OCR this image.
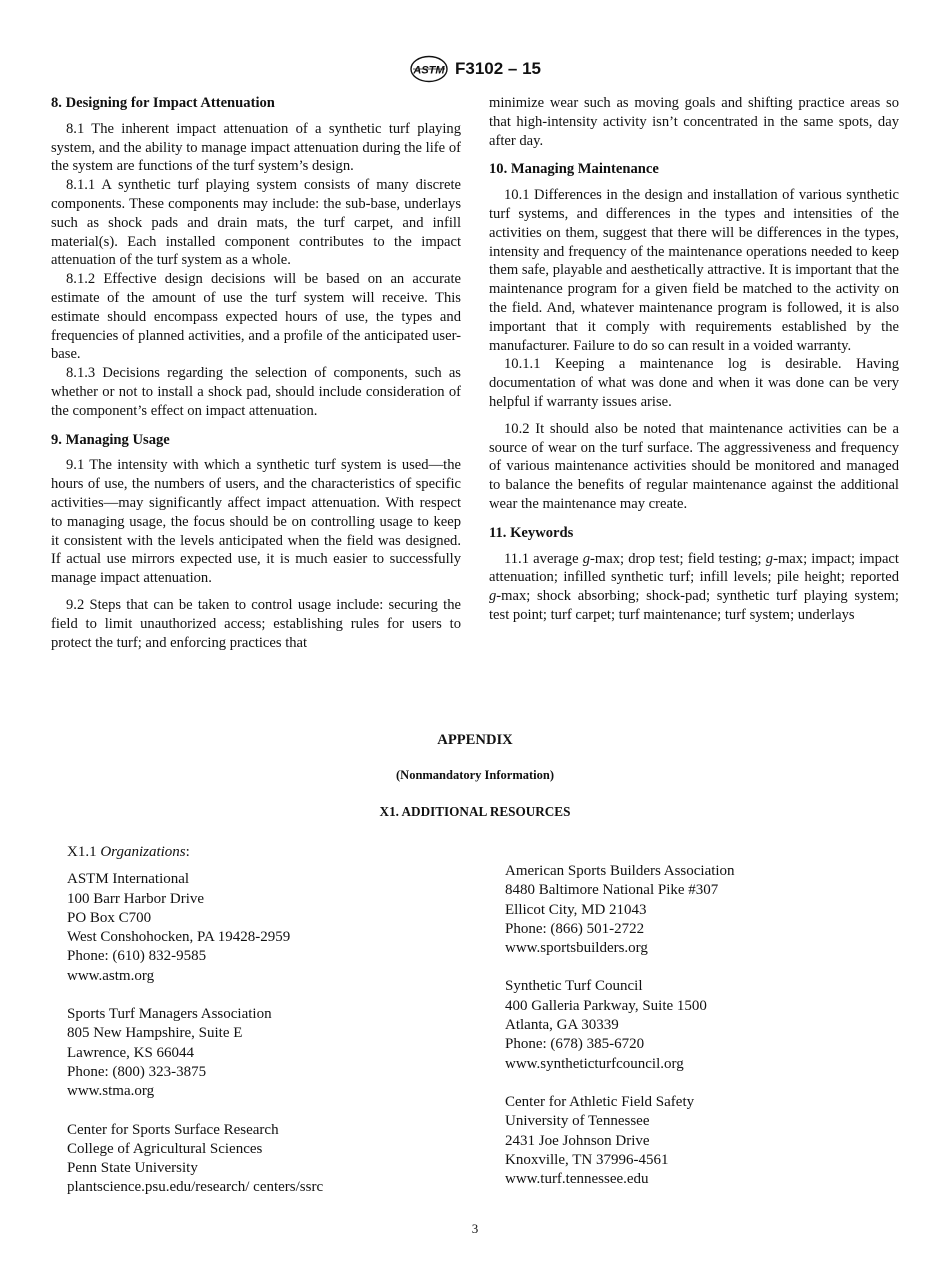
ASTM F3102 – 15
8. Designing for Impact Attenuation

8.1 The inherent impact attenuation of a synthetic turf playing system, and the ability to manage impact attenuation during the life of the system are functions of the turf system’s design.

8.1.1 A synthetic turf playing system consists of many discrete components. These components may include: the sub-base, underlays such as shock pads and drain mats, the turf carpet, and infill material(s). Each installed component contributes to the impact attenuation of the turf system as a whole.

8.1.2 Effective design decisions will be based on an accurate estimate of the amount of use the turf system will receive. This estimate should encompass expected hours of use, the types and frequencies of planned activities, and a profile of the anticipated user-base.

8.1.3 Decisions regarding the selection of components, such as whether or not to install a shock pad, should include consideration of the component’s effect on impact attenuation.

9. Managing Usage

9.1 The intensity with which a synthetic turf system is used—the hours of use, the numbers of users, and the characteristics of specific activities—may significantly affect impact attenuation. With respect to managing usage, the focus should be on controlling usage to keep it consistent with the levels anticipated when the field was designed. If actual use mirrors expected use, it is much easier to successfully manage impact attenuation.

9.2 Steps that can be taken to control usage include: securing the field to limit unauthorized access; establishing rules for users to protect the turf; and enforcing practices that

minimize wear such as moving goals and shifting practice areas so that high-intensity activity isn’t concentrated in the same spots, day after day.

10. Managing Maintenance

10.1 Differences in the design and installation of various synthetic turf systems, and differences in the types and intensities of the activities on them, suggest that there will be differences in the types, intensity and frequency of the maintenance operations needed to keep them safe, playable and aesthetically attractive. It is important that the maintenance program for a given field be matched to the activity on the field. And, whatever maintenance program is followed, it is also important that it comply with requirements established by the manufacturer. Failure to do so can result in a voided warranty.

10.1.1 Keeping a maintenance log is desirable. Having documentation of what was done and when it was done can be very helpful if warranty issues arise.

10.2 It should also be noted that maintenance activities can be a source of wear on the turf surface. The aggressiveness and frequency of various maintenance activities should be monitored and managed to balance the benefits of regular maintenance against the additional wear the maintenance may create.

11. Keywords

11.1 average g-max; drop test; field testing; g-max; impact; impact attenuation; infilled synthetic turf; infill levels; pile height; reported g-max; shock absorbing; shock-pad; synthetic turf playing system; test point; turf carpet; turf maintenance; turf system; underlays

APPENDIX
(Nonmandatory Information)
X1. ADDITIONAL RESOURCES
X1.1 Organizations:
ASTM International
100 Barr Harbor Drive
PO Box C700
West Conshohocken, PA 19428-2959
Phone: (610) 832-9585
www.astm.org
Sports Turf Managers Association
805 New Hampshire, Suite E
Lawrence, KS 66044
Phone: (800) 323-3875
www.stma.org
Center for Sports Surface Research
College of Agricultural Sciences
Penn State University
plantscience.psu.edu/research/ centers/ssrc
American Sports Builders Association
8480 Baltimore National Pike #307
Ellicot City, MD 21043
Phone: (866) 501-2722
www.sportsbuilders.org
Synthetic Turf Council
400 Galleria Parkway, Suite 1500
Atlanta, GA 30339
Phone: (678) 385-6720
www.syntheticturfcouncil.org
Center for Athletic Field Safety
University of Tennessee
2431 Joe Johnson Drive
Knoxville, TN 37996-4561
www.turf.tennessee.edu
3
